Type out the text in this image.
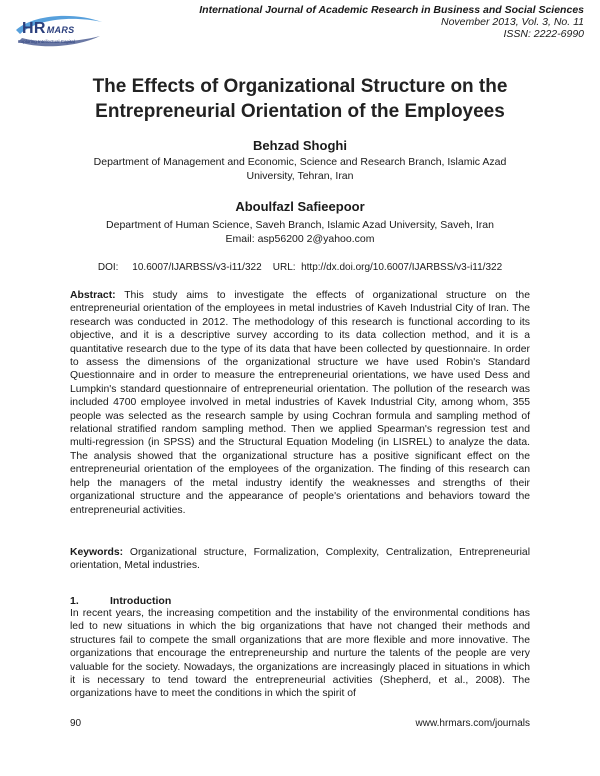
HRMARS
Exploring Intellectual Capital
International Journal of Academic Research in Business and Social Sciences
November 2013, Vol. 3, No. 11
ISSN: 2222-6990
The Effects of Organizational Structure on the
Entrepreneurial Orientation of the Employees
Behzad Shoghi
Department of Management and Economic, Science and Research Branch, Islamic Azad
University, Tehran, Iran
Aboulfazl Safieepoor
Department of Human Science, Saveh Branch, Islamic Azad University, Saveh, Iran
Email: asp56200 2@yahoo.com
DOI:     10.6007/IJARBSS/v3-i11/322    URL:  http://dx.doi.org/10.6007/IJARBSS/v3-i11/322
Abstract: This study aims to investigate the effects of organizational structure on the entrepreneurial orientation of the employees in metal industries of Kaveh Industrial City of Iran. The research was conducted in 2012. The methodology of this research is functional according to its objective, and it is a descriptive survey according to its data collection method, and it is a quantitative research due to the type of its data that have been collected by questionnaire. In order to assess the dimensions of the organizational structure we have used Robin's Standard Questionnaire and in order to measure the entrepreneurial orientations, we have used Dess and Lumpkin's standard questionnaire of entrepreneurial orientation. The pollution of the research was included 4700 employee involved in metal industries of Kavek Industrial City, among whom, 355 people was selected as the research sample by using Cochran formula and sampling method of relational stratified random sampling method. Then we applied Spearman's regression test and multi-regression (in SPSS) and the Structural Equation Modeling (in LISREL) to analyze the data. The analysis showed that the organizational structure has a positive significant effect on the entrepreneurial orientation of the employees of the organization. The finding of this research can help the managers of the metal industry identify the weaknesses and strengths of their organizational structure and the appearance of people's orientations and behaviors toward the entrepreneurial activities.
Keywords: Organizational structure, Formalization, Complexity, Centralization, Entrepreneurial orientation, Metal industries.
1.	Introduction
In recent years, the increasing competition and the instability of the environmental conditions has led to new situations in which the big organizations that have not changed their methods and structures fail to compete the small organizations that are more flexible and more innovative. The organizations that encourage the entrepreneurship and nurture the talents of the people are very valuable for the society. Nowadays, the organizations are increasingly placed in situations in which it is necessary to tend toward the entrepreneurial activities (Shepherd, et al., 2008). The organizations have to meet the conditions in which the spirit of
90	www.hrmars.com/journals
